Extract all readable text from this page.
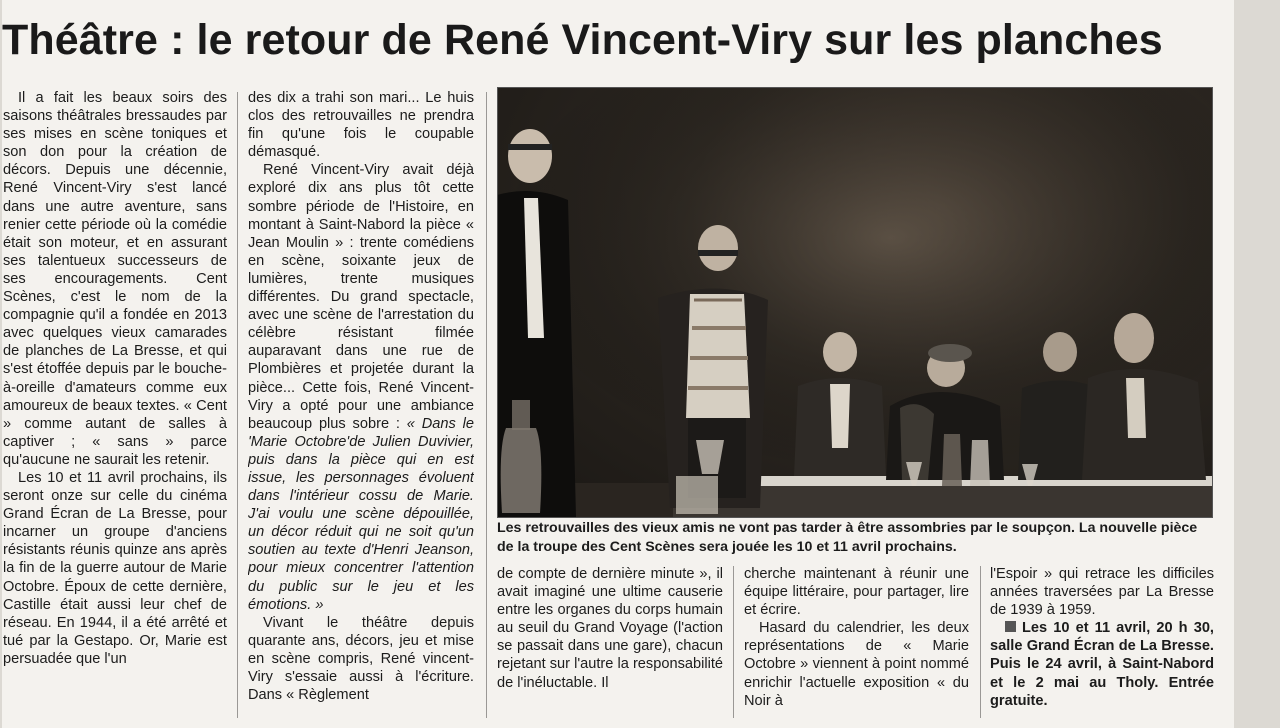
Théâtre : le retour de René Vincent-Viry sur les planches

Il a fait les beaux soirs des saisons théâtrales bressaudes par ses mises en scène toniques et son don pour la création de décors. Depuis une décennie, René Vincent-Viry s'est lancé dans une autre aventure, sans renier cette période où la comédie était son moteur, et en assurant ses talentueux successeurs de ses encouragements. Cent Scènes, c'est le nom de la compagnie qu'il a fondée en 2013 avec quelques vieux camarades de planches de La Bresse, et qui s'est étoffée depuis par le bouche-à-oreille d'amateurs comme eux amoureux de beaux textes. « Cent » comme autant de salles à captiver ; « sans » parce qu'aucune ne saurait les retenir.

Les 10 et 11 avril prochains, ils seront onze sur celle du cinéma Grand Écran de La Bresse, pour incarner un groupe d'anciens résistants réunis quinze ans après la fin de la guerre autour de Marie Octobre. Époux de cette dernière, Castille était aussi leur chef de réseau. En 1944, il a été arrêté et tué par la Gestapo. Or, Marie est persuadée que l'un

des dix a trahi son mari... Le huis clos des retrouvailles ne prendra fin qu'une fois le coupable démasqué.

René Vincent-Viry avait déjà exploré dix ans plus tôt cette sombre période de l'Histoire, en montant à Saint-Nabord la pièce « Jean Moulin » : trente comédiens en scène, soixante jeux de lumières, trente musiques différentes. Du grand spectacle, avec une scène de l'arrestation du célèbre résistant filmée auparavant dans une rue de Plombières et projetée durant la pièce... Cette fois, René Vincent-Viry a opté pour une ambiance beaucoup plus sobre : « Dans le 'Marie Octobre'de Julien Duvivier, puis dans la pièce qui en est issue, les personnages évoluent dans l'intérieur cossu de Marie. J'ai voulu une scène dépouillée, un décor réduit qui ne soit qu'un soutien au texte d'Henri Jeanson, pour mieux concentrer l'attention du public sur le jeu et les émotions. »

Vivant le théâtre depuis quarante ans, décors, jeu et mise en scène compris, René vincent-Viry s'essaie aussi à l'écriture. Dans « Règlement

Les retrouvailles des vieux amis ne vont pas tarder à être assombries par le soupçon. La nouvelle pièce de la troupe des Cent Scènes sera jouée les 10 et 11 avril prochains.

de compte de dernière minute », il avait imaginé une ultime causerie entre les organes du corps humain au seuil du Grand Voyage (l'action se passait dans une gare), chacun rejetant sur l'autre la responsabilité de l'inéluctable. Il

cherche maintenant à réunir une équipe littéraire, pour partager, lire et écrire.

Hasard du calendrier, les deux représentations de « Marie Octobre » viennent à point nommé enrichir l'actuelle exposition « du Noir à

l'Espoir » qui retrace les difficiles années traversées par La Bresse de 1939 à 1959.

Les 10 et 11 avril, 20 h 30, salle Grand Écran de La Bresse. Puis le 24 avril, à Saint-Nabord et le 2 mai au Tholy. Entrée gratuite.
